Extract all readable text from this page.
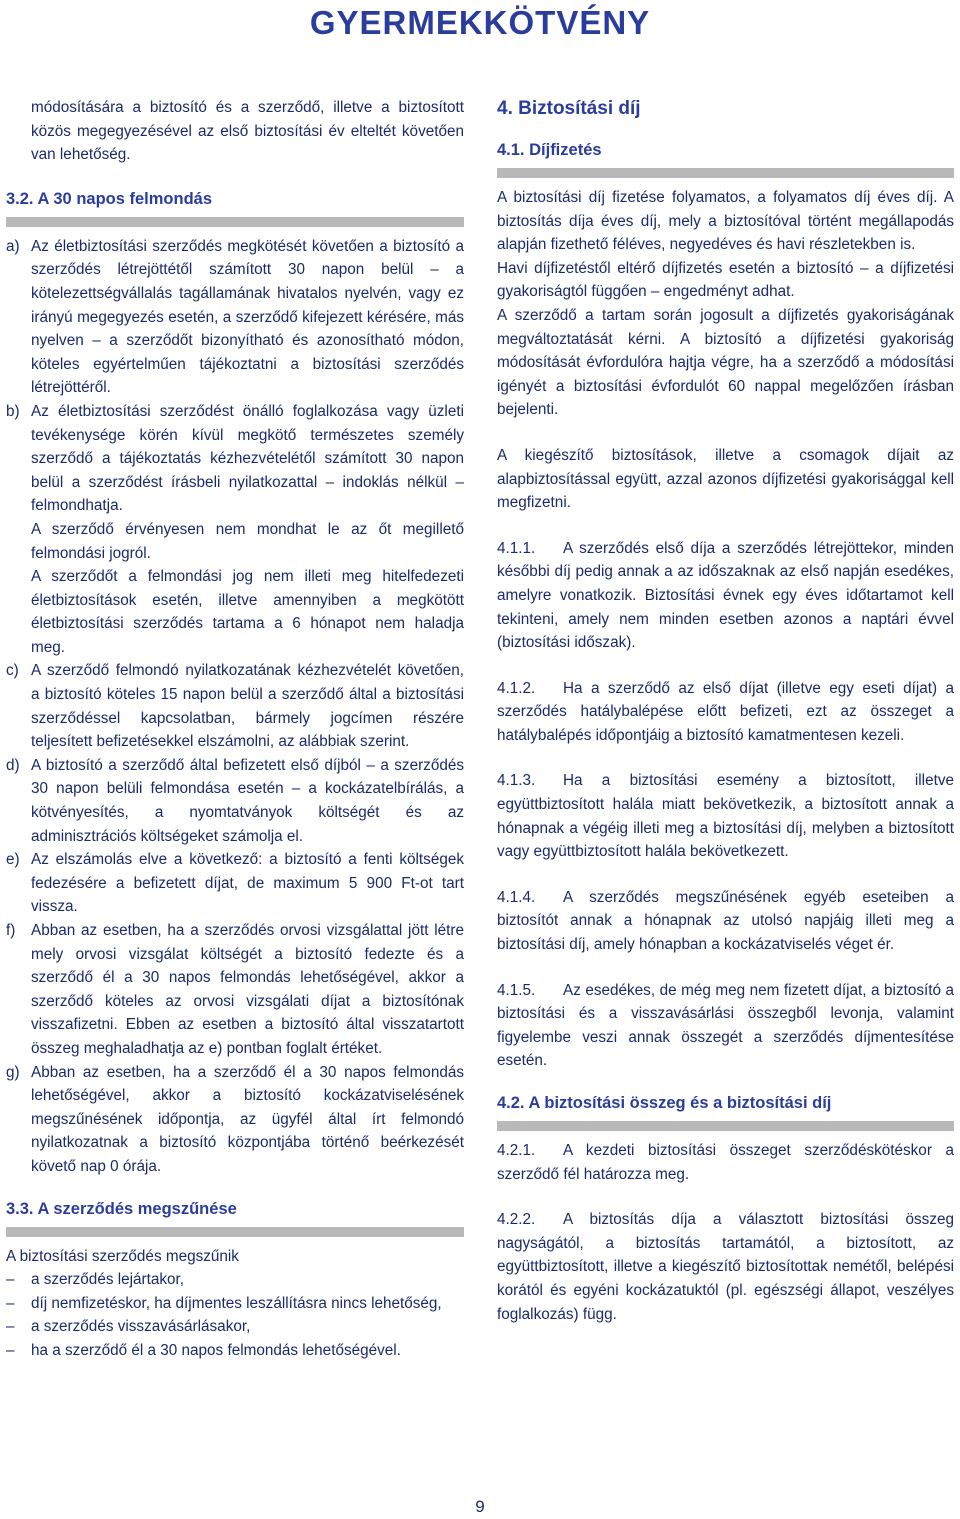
GYERMEKKÖTVÉNY

módosítására a biztosító és a szerződő, illetve a biztosított közös megegyezésével az első biztosítási év elteltét követően van lehetőség.

3.2. A 30 napos felmondás
a) Az életbiztosítási szerződés megkötését követően a biztosító a szerződés létrejöttétől számított 30 napon belül – a kötelezettségvállalás tagállamának hivatalos nyelvén, vagy ez irányú megegyezés esetén, a szerződő kifejezett kérésére, más nyelven – a szerződőt bizonyítható és azonosítható módon, köteles egyértelműen tájékoztatni a biztosítási szerződés létrejöttéről.

b) Az életbiztosítási szerződést önálló foglalkozása vagy üzleti tevékenysége körén kívül megkötő természetes személy szerződő a tájékoztatás kézhezvételétől számított 30 napon belül a szerződést írásbeli nyilatkozattal – indoklás nélkül – felmondhatja.

A szerződő érvényesen nem mondhat le az őt megillető felmondási jogról.

A szerződőt a felmondási jog nem illeti meg hitelfedezeti életbiztosítások esetén, illetve amennyiben a megkötött életbiztosítási szerződés tartama a 6 hónapot nem haladja meg.

c) A szerződő felmondó nyilatkozatának kézhezvételét követően, a biztosító köteles 15 napon belül a szerződő által a biztosítási szerződéssel kapcsolatban, bármely jogcímen részére teljesített befizetésekkel elszámolni, az alábbiak szerint.

d) A biztosító a szerződő által befizetett első díjból – a szerződés 30 napon belüli felmondása esetén – a kockázatelbírálás, a kötvényesítés, a nyomtatványok költségét és az adminisztrációs költségeket számolja el.

e) Az elszámolás elve a következő: a biztosító a fenti költségek fedezésére a befizetett díjat, de maximum 5 900 Ft-ot tart vissza.

f)	Abban az esetben, ha a szerződés orvosi vizsgálattal jött létre mely orvosi vizsgálat költségét a biztosító fedezte és a szerződő él a 30 napos felmondás lehetőségével, akkor a szerződő köteles az orvosi vizsgálati díjat a biztosítónak visszafizetni. Ebben az esetben a biztosító által visszatartott összeg meghaladhatja az e) pontban foglalt értéket.

g) Abban az esetben, ha a szerződő él a 30 napos felmondás lehetőségével, akkor a biztosító kockázatviselésének megszűnésének időpontja, az ügyfél által írt felmondó nyilatkozatnak a biztosító központjába történő beérkezését követő nap 0 órája.

3.3. A szerződés megszűnése

A biztosítási szerződés megszűnik

–	a szerződés lejártakor,

–	díj nemfizetéskor, ha díjmentes leszállításra nincs lehetőség,

–	a szerződés visszavásárlásakor,

–	ha a szerződő él a 30 napos felmondás lehetőségével.

4. Biztosítási díj
4.1. Díjfizetés

A biztosítási díj fizetése folyamatos, a folyamatos díj éves díj. A biztosítás díja éves díj, mely a biztosítóval történt megállapodás alapján fizethető féléves, negyedéves és havi részletekben is.

Havi díjfizetéstől eltérő díjfizetés esetén a biztosító – a díjfizetési gyakoriságtól függően – engedményt adhat.

A szerződő a tartam során jogosult a díjfizetés gyakoriságának megváltoztatását kérni. A biztosító a díjfizetési gyakoriság módosítását évfordulóra hajtja végre, ha a szerződő a módosítási igényét a biztosítási évfordulót 60 nappal megelőzően írásban bejelenti.

A kiegészítő biztosítások, illetve a csomagok díjait az alapbiztosítással együtt, azzal azonos díjfizetési gyakorisággal kell megfizetni.

4.1.1. A szerződés első díja a szerződés létrejöttekor, minden későbbi díj pedig annak a az időszaknak az első napján esedékes, amelyre vonatkozik. Biztosítási évnek egy éves időtartamot kell tekinteni, amely nem minden esetben azonos a naptári évvel (biztosítási időszak).

4.1.2. Ha a szerződő az első díjat (illetve egy eseti díjat) a szerződés hatálybalépése előtt befizeti, ezt az összeget a hatálybalépés időpontjáig a biztosító kamatmentesen kezeli.

4.1.3. Ha a biztosítási esemény a biztosított, illetve együttbiztosított halála miatt bekövetkezik, a biztosított annak a hónapnak a végéig illeti meg a biztosítási díj, melyben a biztosított vagy együttbiztosított halála bekövetkezett.

4.1.4. A szerződés megszűnésének egyéb eseteiben a biztosítót annak a hónapnak az utolsó napjáig illeti meg a biztosítási díj, amely hónapban a kockázatviselés véget ér.

4.1.5. Az esedékes, de még meg nem fizetett díjat, a biztosító a biztosítási és a visszavásárlási összegből levonja, valamint figyelembe veszi annak összegét a szerződés díjmentesítése esetén.

4.2. A biztosítási összeg és a biztosítási díj

4.2.1. A kezdeti biztosítási összeget szerződéskötéskor a szerződő fél határozza meg.

4.2.2. A biztosítás díja a választott biztosítási összeg nagyságától, a biztosítás tartamától, a biztosított, az együttbiztosított, illetve a kiegészítő biztosítottak nemétől, belépési korától és egyéni kockázatuktól (pl. egészségi állapot, veszélyes foglalkozás) függ.

9
